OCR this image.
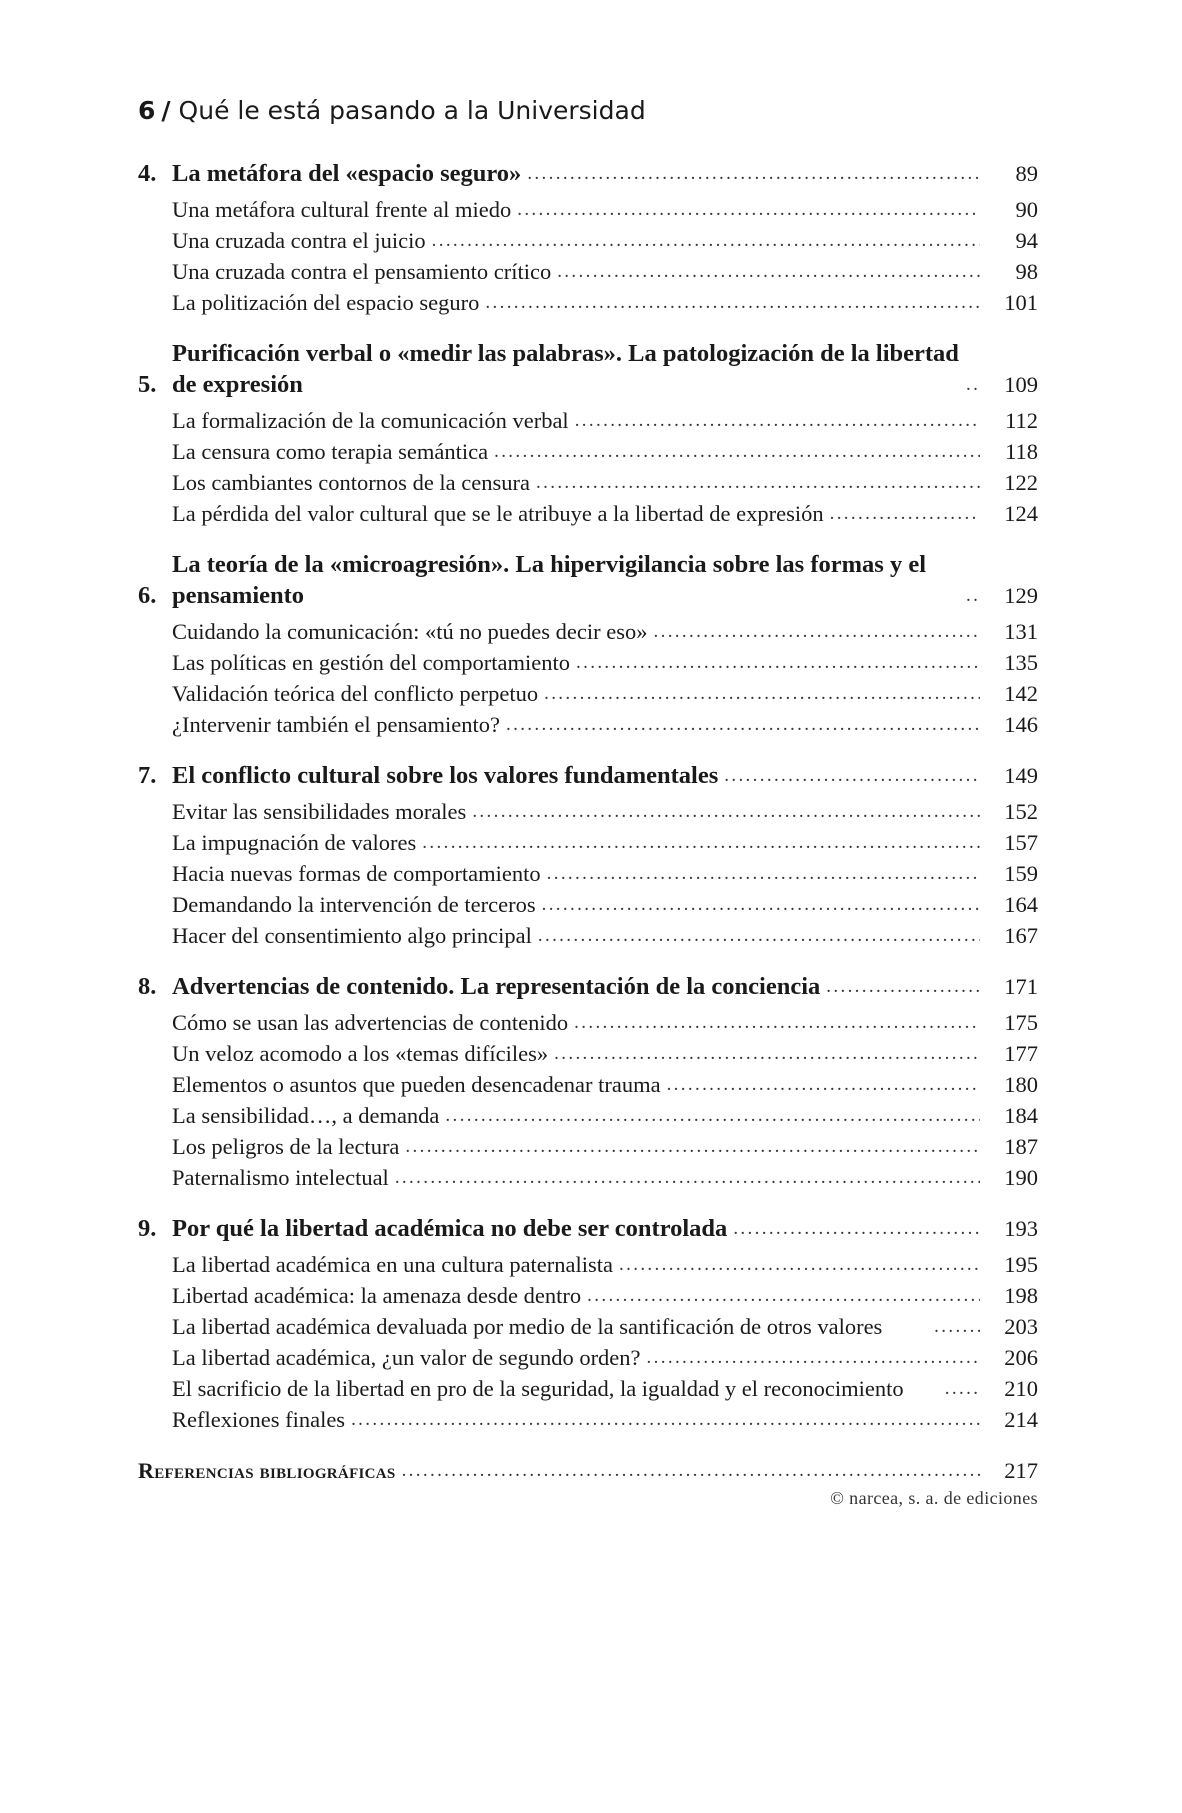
6 / Qué le está pasando a la Universidad
4. La metáfora del «espacio seguro» . . .	89
Una metáfora cultural frente al miedo . . .	90
Una cruzada contra el juicio . . .	94
Una cruzada contra el pensamiento crítico . . .	98
La politización del espacio seguro . . .	101
5.
Purificación verbal o «medir las palabras». La patologización de la libertad de expresión . . .	109
La formalización de la comunicación verbal . . .	112
La censura como terapia semántica . . .	118
Los cambiantes contornos de la censura . . .	122
La pérdida del valor cultural que se le atribuye a la libertad de expresión . . .	124
6.
La teoría de la «microagresión». La hipervigilancia sobre las formas y el pensamiento . . .	129
Cuidando la comunicación: «tú no puedes decir eso» . . .	131
Las políticas en gestión del comportamiento . . .	135
Validación teórica del conflicto perpetuo . . .	142
¿Intervenir también el pensamiento? . . .	146
7. El conflicto cultural sobre los valores fundamentales . . .	149
Evitar las sensibilidades morales . . .	152
La impugnación de valores . . .	157
Hacia nuevas formas de comportamiento . . .	159
Demandando la intervención de terceros . . .	164
Hacer del consentimiento algo principal . . .	167
8. Advertencias de contenido. La representación de la conciencia . . .	171
Cómo se usan las advertencias de contenido . . .	175
Un veloz acomodo a los «temas difíciles» . . .	177
Elementos o asuntos que pueden desencadenar trauma . . .	180
La sensibilidad…, a demanda . . .	184
Los peligros de la lectura . . .	187
Paternalismo intelectual . . .	190
9. Por qué la libertad académica no debe ser controlada . . .	193
La libertad académica en una cultura paternalista . . .	195
Libertad académica: la amenaza desde dentro . . .	198
La libertad académica devaluada por medio de la santificación de otros valores . . .	203
La libertad académica, ¿un valor de segundo orden? . . .	206
El sacrificio de la libertad en pro de la seguridad, la igualdad y el reconocimiento . . .	210
Reflexiones finales . . .	214
Referencias bibliográficas . . .	217
© narcea, s. a. de ediciones
